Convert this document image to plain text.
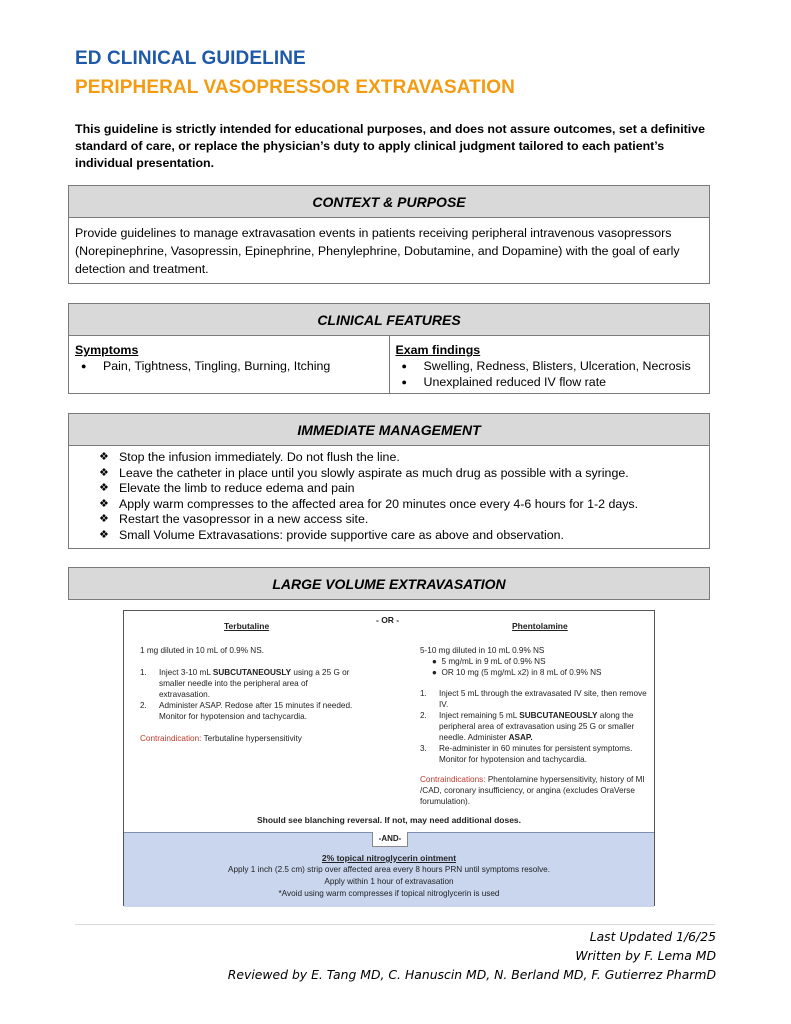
ED CLINICAL GUIDELINE
PERIPHERAL VASOPRESSOR EXTRAVASATION
This guideline is strictly intended for educational purposes, and does not assure outcomes, set a definitive standard of care, or replace the physician’s duty to apply clinical judgment tailored to each patient’s individual presentation.
CONTEXT & PURPOSE
Provide guidelines to manage extravasation events in patients receiving peripheral intravenous vasopressors (Norepinephrine, Vasopressin, Epinephrine, Phenylephrine, Dobutamine, and Dopamine) with the goal of early detection and treatment.
CLINICAL FEATURES
Symptoms
● Pain, Tightness, Tingling, Burning, Itching
Exam findings
● Swelling, Redness, Blisters, Ulceration, Necrosis
● Unexplained reduced IV flow rate
IMMEDIATE MANAGEMENT
❖ Stop the infusion immediately. Do not flush the line.
❖ Leave the catheter in place until you slowly aspirate as much drug as possible with a syringe.
❖ Elevate the limb to reduce edema and pain
❖ Apply warm compresses to the affected area for 20 minutes once every 4-6 hours for 1-2 days.
❖ Restart the vasopressor in a new access site.
❖ Small Volume Extravasations: provide supportive care as above and observation.
LARGE VOLUME EXTRAVASATION
- OR -
Terbutaline
1 mg diluted in 10 mL of 0.9% NS.
1.	Inject 3-10 mL SUBCUTANEOUSLY using a 25 G or smaller needle into the peripheral area of extravasation.
2.	Administer ASAP. Redose after 15 minutes if needed. Monitor for hypotension and tachycardia.
Contraindication: Terbutaline hypersensitivity
Phentolamine
5-10 mg diluted in 10 mL 0.9% NS
●  5 mg/mL in 9 mL of 0.9% NS
●  OR 10 mg (5 mg/mL x2) in 8 mL of 0.9% NS
1.	Inject 5 mL through the extravasated IV site, then remove IV.
2.	Inject remaining 5 mL SUBCUTANEOUSLY along the peripheral area of extravasation using 25 G or smaller needle. Administer ASAP.
3.	Re-administer in 60 minutes for persistent symptoms. Monitor for hypotension and tachycardia.
Contraindications: Phentolamine hypersensitivity, history of MI /CAD, coronary insufficiency, or angina (excludes OraVerse forumulation).
Should see blanching reversal. If not, may need additional doses.
-AND-
2% topical nitroglycerin ointment
Apply 1 inch (2.5 cm) strip over affected area every 8 hours PRN until symptoms resolve.
Apply within 1 hour of extravasation
*Avoid using warm compresses if topical nitroglycerin is used
Last Updated 1/6/25
Written by F. Lema MD
Reviewed by E. Tang MD, C. Hanuscin MD, N. Berland MD, F. Gutierrez PharmD
